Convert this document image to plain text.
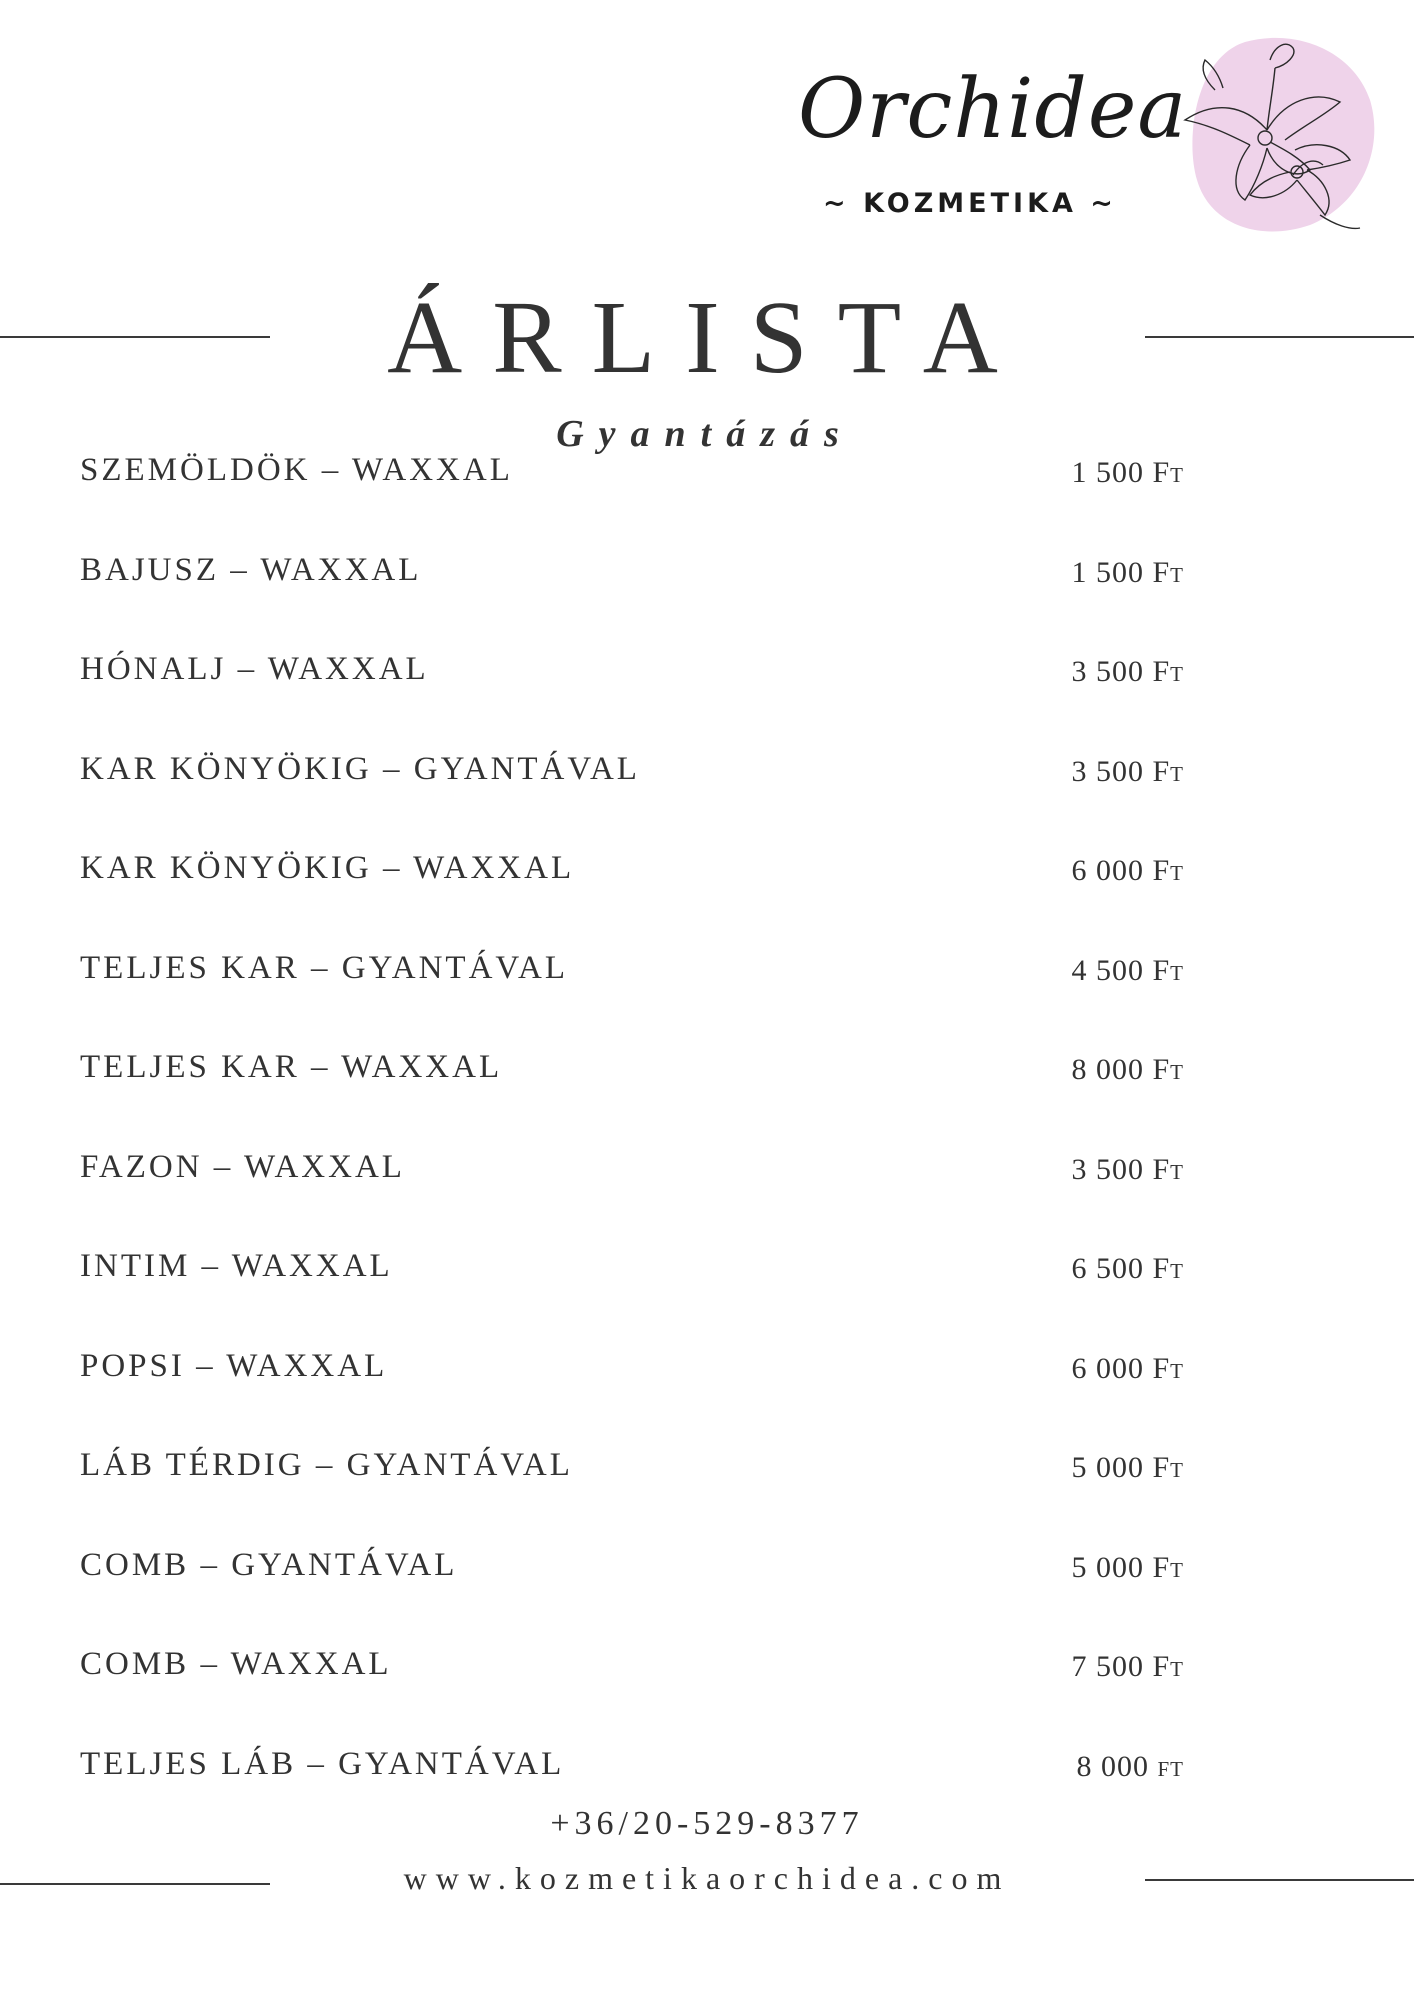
Orchidea
~ KOZMETIKA ~
ÁRLISTA
Gyantázás
SZEMÖLDÖK – WAXXAL	1 500 Ft
BAJUSZ – WAXXAL	1 500 Ft
HÓNALJ – WAXXAL	3 500 Ft
KAR KÖNYÖKIG – GYANTÁVAL	3 500 Ft
KAR KÖNYÖKIG – WAXXAL	6 000 Ft
TELJES KAR – GYANTÁVAL	4 500 Ft
TELJES KAR – WAXXAL	8 000 Ft
FAZON – WAXXAL	3 500 Ft
INTIM – WAXXAL	6 500 Ft
POPSI – WAXXAL	6 000 Ft
LÁB TÉRDIG – GYANTÁVAL	5 000 Ft
COMB – GYANTÁVAL	5 000 Ft
COMB – WAXXAL	7 500 Ft
TELJES LÁB – GYANTÁVAL	8 000 ft
+36/20-529-8377
www.kozmetikaorchidea.com
